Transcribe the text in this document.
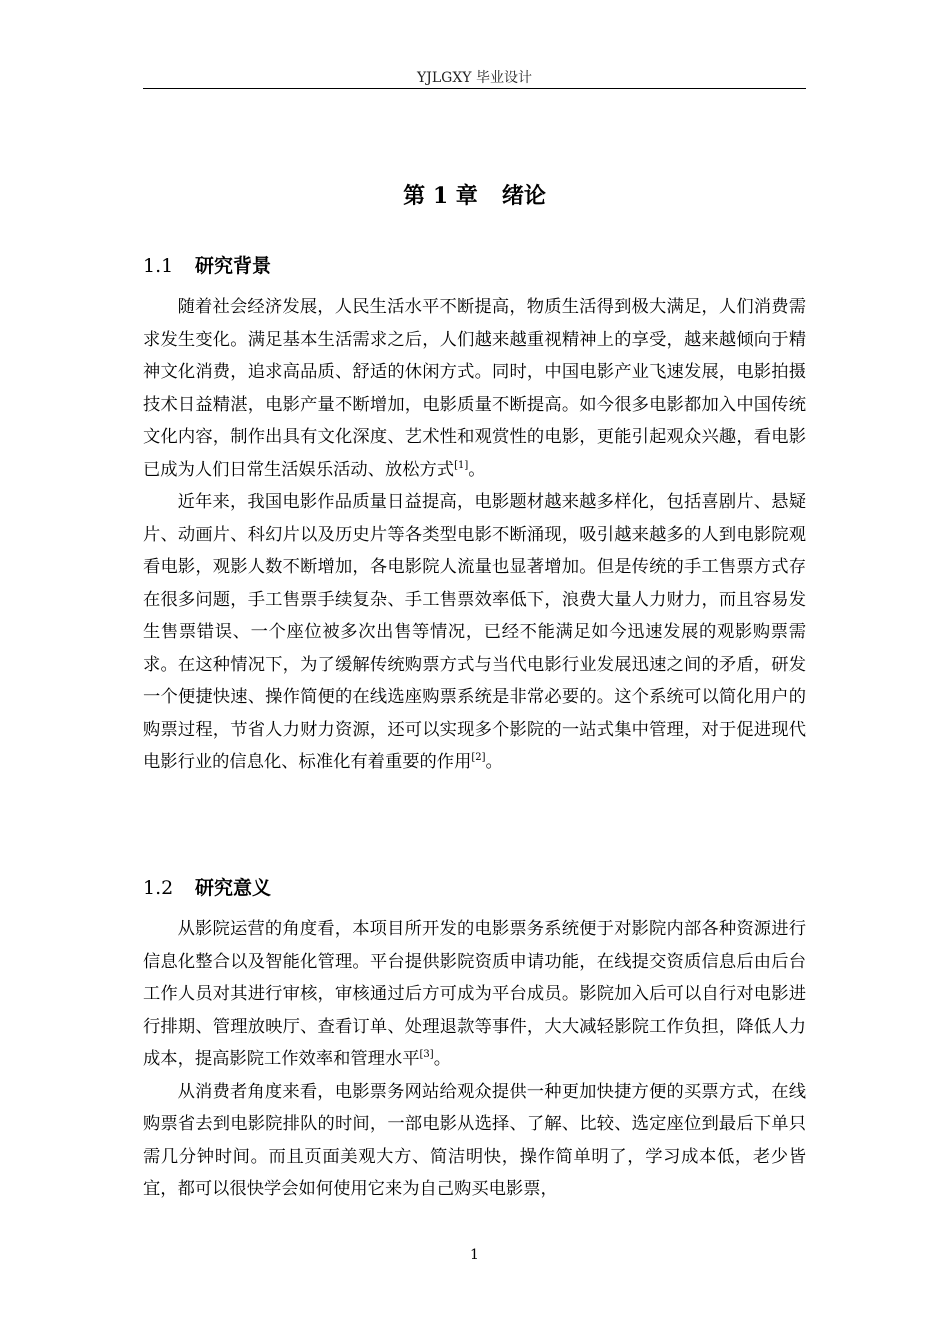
YJLGXY 毕业设计
第 1 章 绪论
1.1 研究背景

随着社会经济发展，人民生活水平不断提高，物质生活得到极大满足，人们消费需求发生变化。满足基本生活需求之后，人们越来越重视精神上的享受，越来越倾向于精神文化消费，追求高品质、舒适的休闲方式。同时，中国电影产业飞速发展，电影拍摄技术日益精湛，电影产量不断增加，电影质量不断提高。如今很多电影都加入中国传统文化内容，制作出具有文化深度、艺术性和观赏性的电影，更能引起观众兴趣，看电影已成为人们日常生活娱乐活动、放松方式[1]。

近年来，我国电影作品质量日益提高，电影题材越来越多样化，包括喜剧片、悬疑片、动画片、科幻片以及历史片等各类型电影不断涌现，吸引越来越多的人到电影院观看电影，观影人数不断增加，各电影院人流量也显著增加。但是传统的手工售票方式存在很多问题，手工售票手续复杂、手工售票效率低下，浪费大量人力财力，而且容易发生售票错误、一个座位被多次出售等情况，已经不能满足如今迅速发展的观影购票需求。在这种情况下，为了缓解传统购票方式与当代电影行业发展迅速之间的矛盾，研发一个便捷快速、操作简便的在线选座购票系统是非常必要的。这个系统可以简化用户的购票过程，节省人力财力资源，还可以实现多个影院的一站式集中管理，对于促进现代电影行业的信息化、标准化有着重要的作用[2]。

1.2 研究意义

从影院运营的角度看，本项目所开发的电影票务系统便于对影院内部各种资源进行信息化整合以及智能化管理。平台提供影院资质申请功能，在线提交资质信息后由后台工作人员对其进行审核，审核通过后方可成为平台成员。影院加入后可以自行对电影进行排期、管理放映厅、查看订单、处理退款等事件，大大减轻影院工作负担，降低人力成本，提高影院工作效率和管理水平[3]。

从消费者角度来看，电影票务网站给观众提供一种更加快捷方便的买票方式，在线购票省去到电影院排队的时间，一部电影从选择、了解、比较、选定座位到最后下单只需几分钟时间。而且页面美观大方、简洁明快，操作简单明了，学习成本低，老少皆宜，都可以很快学会如何使用它来为自己购买电影票，

1
